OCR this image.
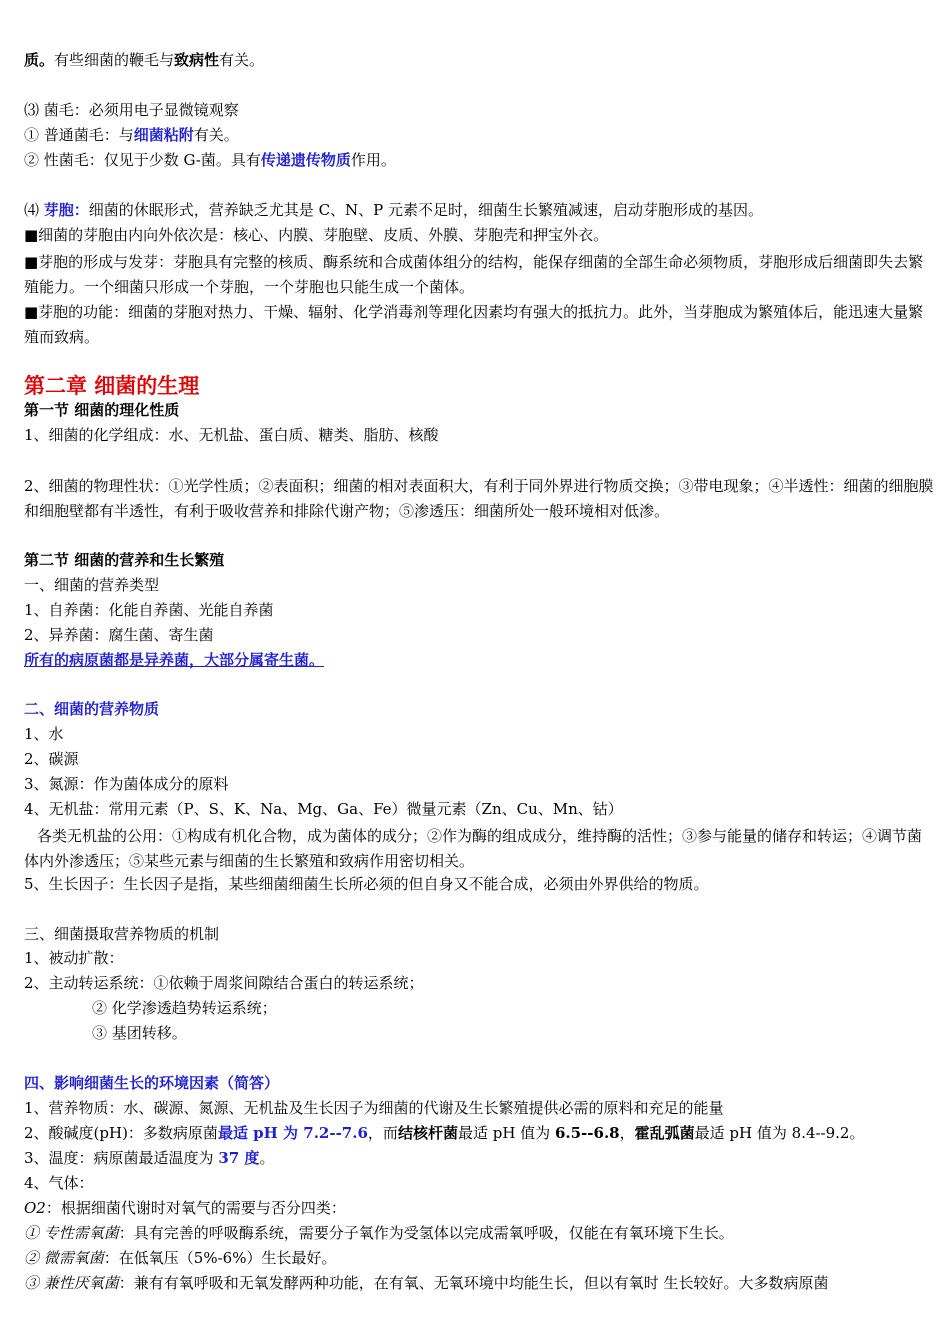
质。有些细菌的鞭毛与致病性有关。
⑶ 菌毛：必须用电子显微镜观察
① 普通菌毛：与细菌粘附有关。
② 性菌毛：仅见于少数 G-菌。具有传递遗传物质作用。
⑷ 芽胞：细菌的休眠形式，营养缺乏尤其是 C、N、P 元素不足时，细菌生长繁殖减速，启动芽胞形成的基因。
■细菌的芽胞由内向外依次是：核心、内膜、芽胞壁、皮质、外膜、芽胞壳和押宝外衣。
■芽胞的形成与发芽：芽胞具有完整的核质、酶系统和合成菌体组分的结构，能保存细菌的全部生命必须物质，芽胞形成后细菌即失去繁殖能力。一个细菌只形成一个芽胞，一个芽胞也只能生成一个菌体。
■芽胞的功能：细菌的芽胞对热力、干燥、辐射、化学消毒剂等理化因素均有强大的抵抗力。此外，当芽胞成为繁殖体后，能迅速大量繁殖而致病。
第二章 细菌的生理
第一节 细菌的理化性质
1、细菌的化学组成：水、无机盐、蛋白质、糖类、脂肪、核酸
2、细菌的物理性状：①光学性质；②表面积；细菌的相对表面积大，有利于同外界进行物质交换；③带电现象；④半透性：细菌的细胞膜和细胞壁都有半透性，有利于吸收营养和排除代谢产物；⑤渗透压：细菌所处一般环境相对低渗。
第二节 细菌的营养和生长繁殖
一、细菌的营养类型
1、自养菌：化能自养菌、光能自养菌
2、异养菌：腐生菌、寄生菌
所有的病原菌都是异养菌，大部分属寄生菌。
二、细菌的营养物质
1、水
2、碳源
3、氮源：作为菌体成分的原料
4、无机盐：常用元素（P、S、K、Na、Mg、Ga、Fe）微量元素（Zn、Cu、Mn、钴）
各类无机盐的公用：①构成有机化合物，成为菌体的成分；②作为酶的组成成分，维持酶的活性；③参与能量的储存和转运；④调节菌体内外渗透压；⑤某些元素与细菌的生长繁殖和致病作用密切相关。
5、生长因子：生长因子是指，某些细菌细菌生长所必须的但自身又不能合成，必须由外界供给的物质。
三、细菌摄取营养物质的机制
1、被动扩散：
2、主动转运系统：①依赖于周浆间隙结合蛋白的转运系统；
② 化学渗透趋势转运系统；
③ 基团转移。
四、影响细菌生长的环境因素（简答）
1、营养物质：水、碳源、氮源、无机盐及生长因子为细菌的代谢及生长繁殖提供必需的原料和充足的能量
2、酸碱度(pH)：多数病原菌最适 pH 为 7.2--7.6，而结核杆菌最适 pH 值为 6.5--6.8，霍乱弧菌最适 pH 值为 8.4--9.2。
3、温度：病原菌最适温度为 37 度。
4、气体：
O2：根据细菌代谢时对氧气的需要与否分四类：
① 专性需氧菌：具有完善的呼吸酶系统，需要分子氧作为受氢体以完成需氧呼吸，仅能在有氧环境下生长。
② 微需氧菌：在低氧压（5%-6%）生长最好。
③ 兼性厌氧菌：兼有有氧呼吸和无氧发酵两种功能，在有氧、无氧环境中均能生长，但以有氧时 生长较好。大多数病原菌
